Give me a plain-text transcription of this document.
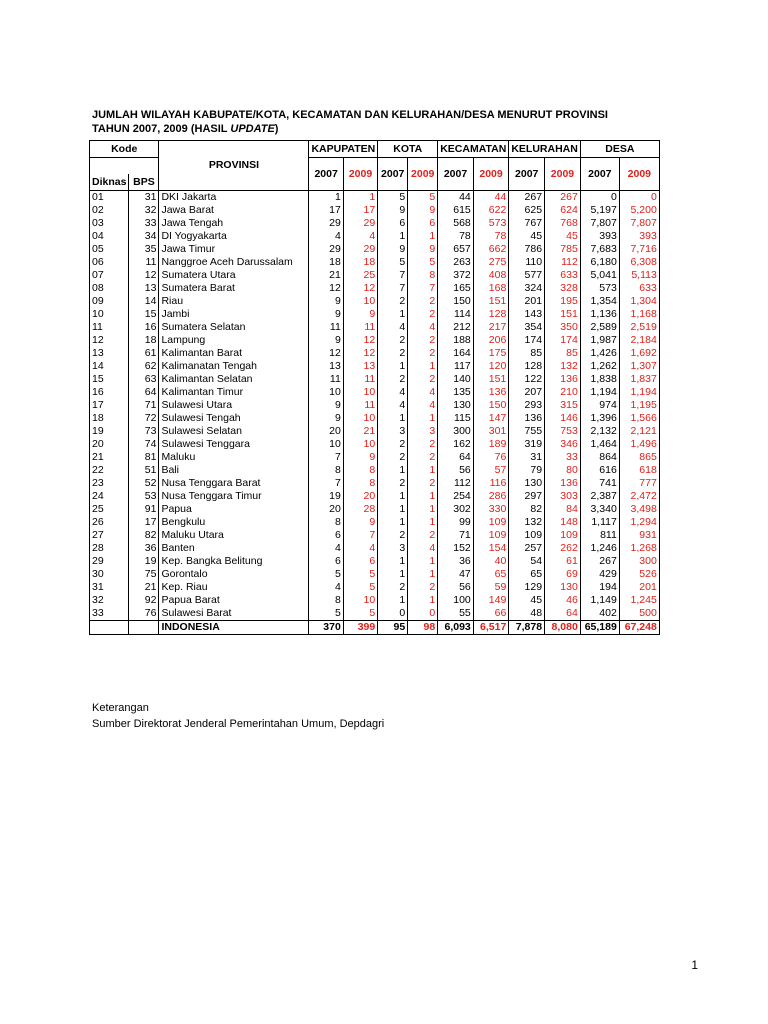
JUMLAH WILAYAH KABUPATE/KOTA, KECAMATAN DAN KELURAHAN/DESA MENURUT PROVINSI
TAHUN 2007, 2009 (HASIL UPDATE)
Kode		PROVINSI	KAPUPATEN		KOTA		KECAMATAN		KELURAHAN		DESA	
			2007	2009	2007	2009	2007	2009	2007	2009	2007	2009
Diknas	BPS											
01	31	DKI Jakarta	1	1	5	5	44	44	267	267	0	0
02	32	Jawa Barat	17	17	9	9	615	622	625	624	5,197	5,200
03	33	Jawa Tengah	29	29	6	6	568	573	767	768	7,807	7,807
04	34	DI Yogyakarta	4	4	1	1	78	78	45	45	393	393
05	35	Jawa Timur	29	29	9	9	657	662	786	785	7,683	7,716
06	11	Nanggroe Aceh Darussalam	18	18	5	5	263	275	110	112	6,180	6,308
07	12	Sumatera Utara	21	25	7	8	372	408	577	633	5,041	5,113
08	13	Sumatera Barat	12	12	7	7	165	168	324	328	573	633
09	14	Riau	9	10	2	2	150	151	201	195	1,354	1,304
10	15	Jambi	9	9	1	2	114	128	143	151	1,136	1,168
11	16	Sumatera Selatan	11	11	4	4	212	217	354	350	2,589	2,519
12	18	Lampung	9	12	2	2	188	206	174	174	1,987	2,184
13	61	Kalimantan Barat	12	12	2	2	164	175	85	85	1,426	1,692
14	62	Kalimanatan Tengah	13	13	1	1	117	120	128	132	1,262	1,307
15	63	Kalimantan Selatan	11	11	2	2	140	151	122	136	1,838	1,837
16	64	Kalimantan Timur	10	10	4	4	135	136	207	210	1,194	1,194
17	71	Sulawesi Utara	9	11	4	4	130	150	293	315	974	1,195
18	72	Sulawesi Tengah	9	10	1	1	115	147	136	146	1,396	1,566
19	73	Sulawesi Selatan	20	21	3	3	300	301	755	753	2,132	2,121
20	74	Sulawesi Tenggara	10	10	2	2	162	189	319	346	1,464	1,496
21	81	Maluku	7	9	2	2	64	76	31	33	864	865
22	51	Bali	8	8	1	1	56	57	79	80	616	618
23	52	Nusa Tenggara Barat	7	8	2	2	112	116	130	136	741	777
24	53	Nusa Tenggara Timur	19	20	1	1	254	286	297	303	2,387	2,472
25	91	Papua	20	28	1	1	302	330	82	84	3,340	3,498
26	17	Bengkulu	8	9	1	1	99	109	132	148	1,117	1,294
27	82	Maluku Utara	6	7	2	2	71	109	109	109	811	931
28	36	Banten	4	4	3	4	152	154	257	262	1,246	1,268
29	19	Kep. Bangka Belitung	6	6	1	1	36	40	54	61	267	300
30	75	Gorontalo	5	5	1	1	47	65	65	69	429	526
31	21	Kep. Riau	4	5	2	2	56	59	129	130	194	201
32	92	Papua Barat	8	10	1	1	100	149	45	46	1,149	1,245
33	76	Sulawesi Barat	5	5	0	0	55	66	48	64	402	500
		INDONESIA	370	399	95	98	6,093	6,517	7,878	8,080	65,189	67,248
Keterangan
Sumber Direktorat Jenderal Pemerintahan Umum, Depdagri
1
